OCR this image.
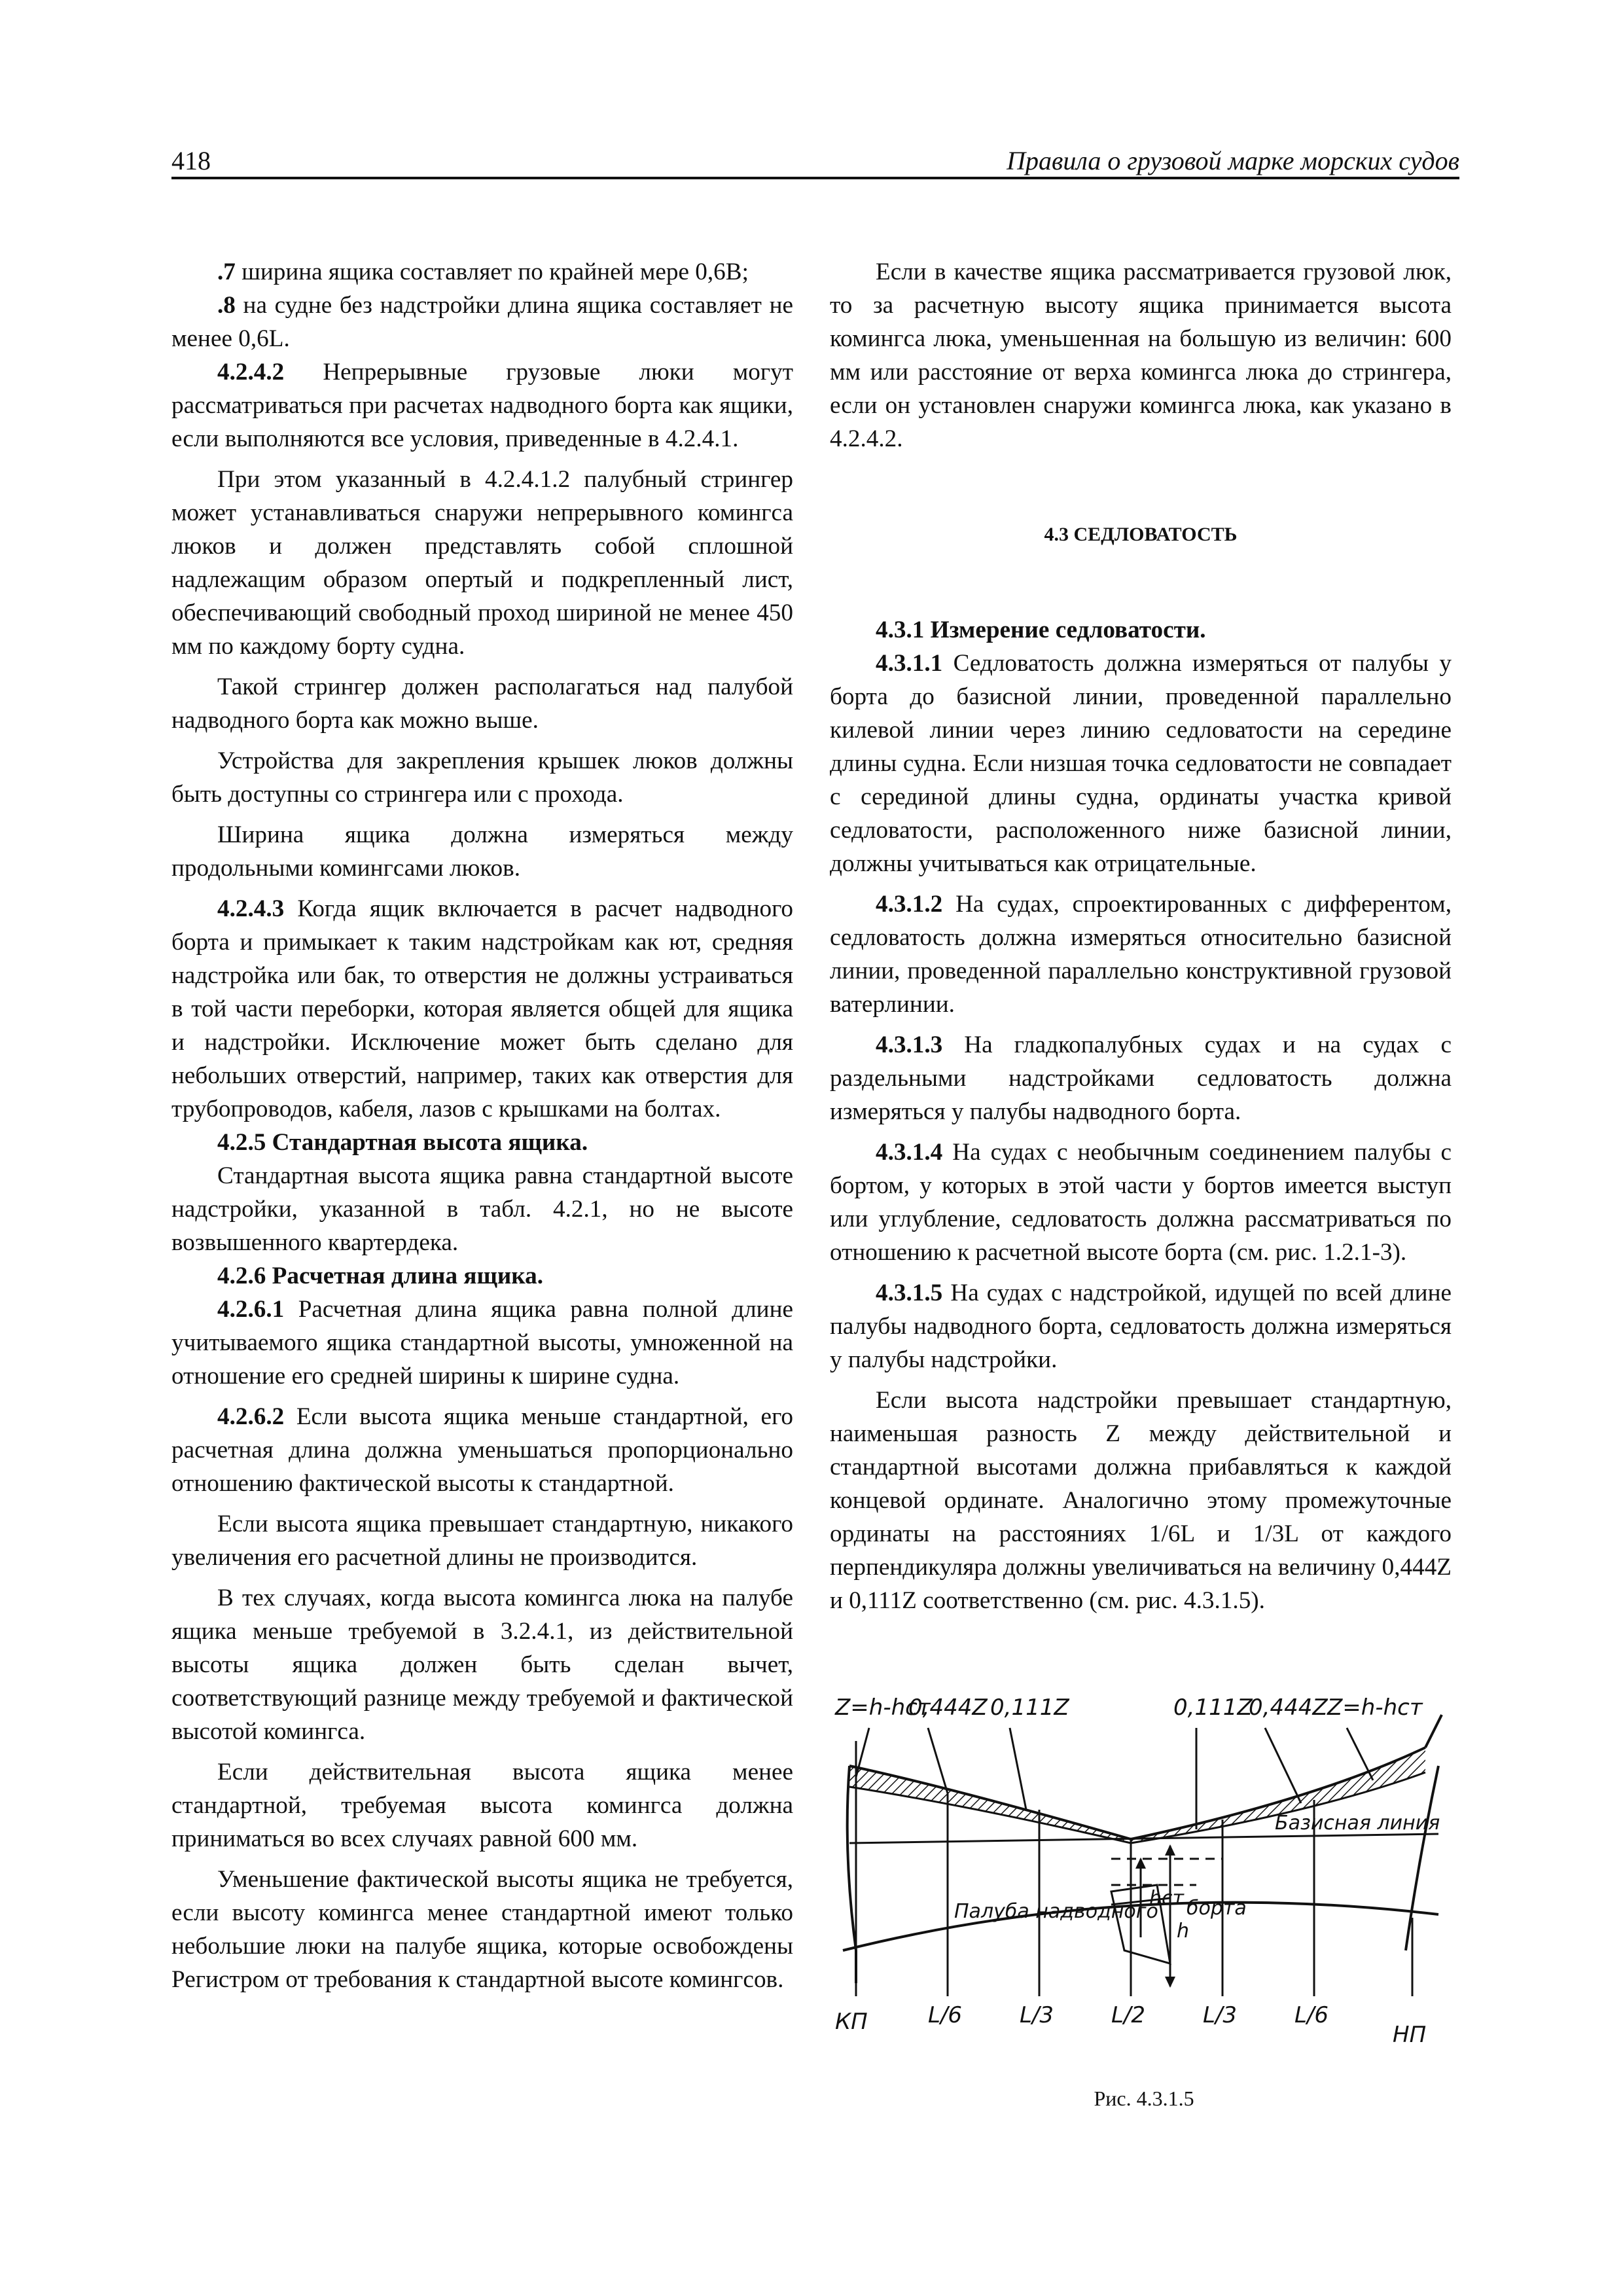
418	Правила о грузовой марке морских судов

.7 ширина ящика составляет по крайней мере 0,6B;

.8 на судне без надстройки длина ящика составляет не менее 0,6L.

4.2.4.2 Непрерывные грузовые люки могут рассматриваться при расчетах надводного борта как ящики, если выполняются все условия, приведенные в 4.2.4.1.

При этом указанный в 4.2.4.1.2 палубный стрингер может устанавливаться снаружи непрерывного комингса люков и должен представлять собой сплошной надлежащим образом опертый и подкрепленный лист, обеспечивающий свободный проход шириной не менее 450 мм по каждому борту судна.

Такой стрингер должен располагаться над палубой надводного борта как можно выше.

Устройства для закрепления крышек люков должны быть доступны со стрингера или с прохода.

Ширина ящика должна измеряться между продольными комингсами люков.

4.2.4.3 Когда ящик включается в расчет надводного борта и примыкает к таким надстройкам как ют, средняя надстройка или бак, то отверстия не должны устраиваться в той части переборки, которая является общей для ящика и надстройки. Исключение может быть сделано для небольших отверстий, например, таких как отверстия для трубопроводов, кабеля, лазов с крышками на болтах.

4.2.5 Стандартная высота ящика.

Стандартная высота ящика равна стандартной высоте надстройки, указанной в табл. 4.2.1, но не высоте возвышенного квартердека.

4.2.6 Расчетная длина ящика.

4.2.6.1 Расчетная длина ящика равна полной длине учитываемого ящика стандартной высоты, умноженной на отношение его средней ширины к ширине судна.

4.2.6.2 Если высота ящика меньше стандартной, его расчетная длина должна уменьшаться пропорционально отношению фактической высоты к стандартной.

Если высота ящика превышает стандартную, никакого увеличения его расчетной длины не производится.

В тех случаях, когда высота комингса люка на палубе ящика меньше требуемой в 3.2.4.1, из действительной высоты ящика должен быть сделан вычет, соответствующий разнице между требуемой и фактической высотой комингса.

Если действительная высота ящика менее стандартной, требуемая высота комингса должна приниматься во всех случаях равной 600 мм.

Уменьшение фактической высоты ящика не требуется, если высоту комингса менее стандартной имеют только небольшие люки на палубе ящика, которые освобождены Регистром от требования к стандартной высоте комингсов.

Если в качестве ящика рассматривается грузовой люк, то за расчетную высоту ящика принимается высота комингса люка, уменьшенная на большую из величин: 600 мм или расстояние от верха комингса люка до стрингера, если он установлен снаружи комингса люка, как указано в 4.2.4.2.

4.3 СЕДЛОВАТОСТЬ

4.3.1 Измерение седловатости.

4.3.1.1 Седловатость должна измеряться от палубы у борта до базисной линии, проведенной параллельно килевой линии через линию седловатости на середине длины судна. Если низшая точка седловатости не совпадает с серединой длины судна, ординаты участка кривой седловатости, расположенного ниже базисной линии, должны учитываться как отрицательные.

4.3.1.2 На судах, спроектированных с дифферентом, седловатость должна измеряться относительно базисной линии, проведенной параллельно конструктивной грузовой ватерлинии.

4.3.1.3 На гладкопалубных судах и на судах с раздельными надстройками седловатость должна измеряться у палубы надводного борта.

4.3.1.4 На судах с необычным соединением палубы с бортом, у которых в этой части у бортов имеется выступ или углубление, седловатость должна рассматриваться по отношению к расчетной высоте борта (см. рис. 1.2.1-3).

4.3.1.5 На судах с надстройкой, идущей по всей длине палубы надводного борта, седловатость должна измеряться у палубы надстройки.

Если высота надстройки превышает стандартную, наименьшая разность Z между действительной и стандартной высотами должна прибавляться к каждой концевой ординате. Аналогично этому промежуточные ординаты на расстояниях 1/6L и 1/3L от каждого перпендикуляра должны увеличиваться на величину 0,444Z и 0,111Z соответственно (см. рис. 4.3.1.5).

Z=h-hст
0,444Z 0,111Z	0,111Z
0,444Z Z=h-hст
Базисная линия
Палуба надводного борта
hст
h
КП	L/6	L/3	L/2	L/3	L/6
НП
Рис. 4.3.1.5
